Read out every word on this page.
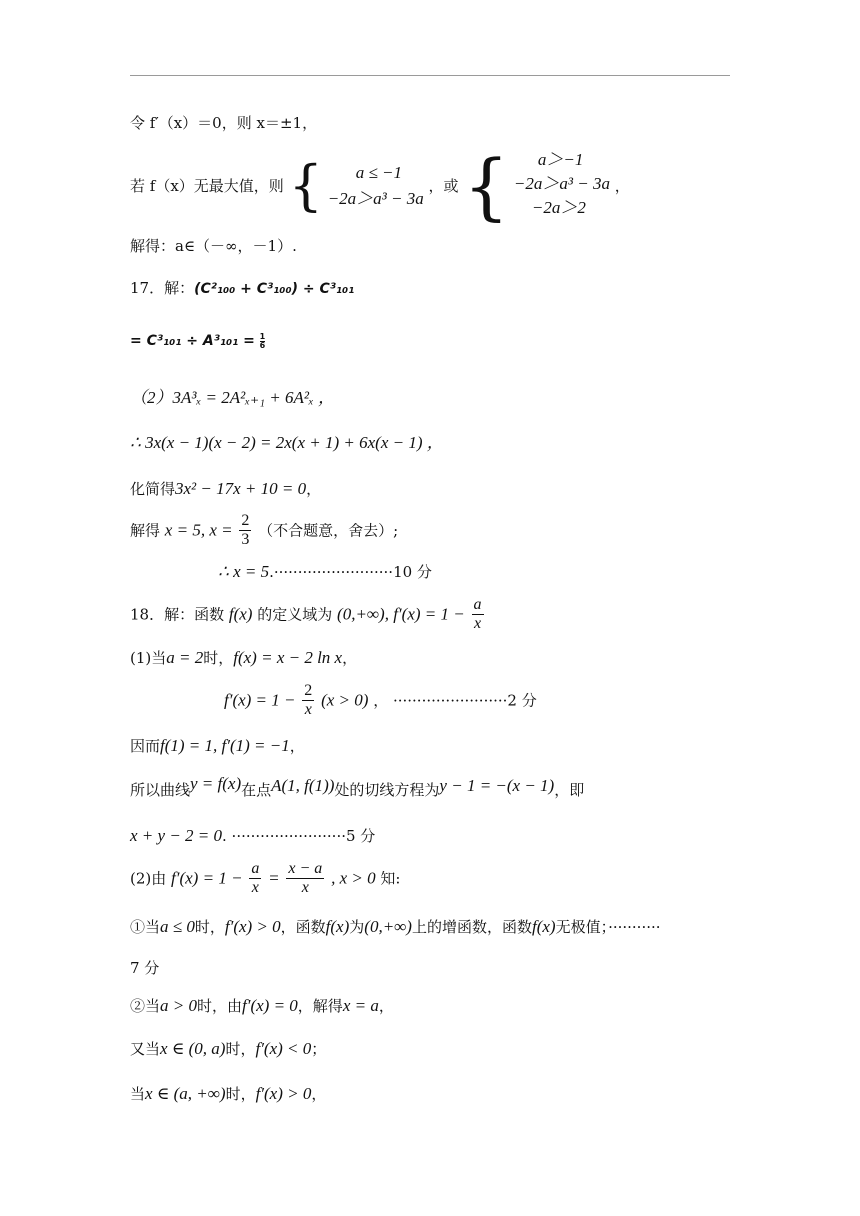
令 f′（x）＝0，则 x＝±1，
若 f（x）无最大值，则 {	a ≤ −1
−2a＞a³ − 3a
，或 {	a＞−1
−2a＞a³ − 3a
−2a＞2
，
解得：a∈（－∞，－1）.
17．解：(C²₁₀₀ + C³₁₀₀) ÷ C³₁₀₁
= $C^3_{101} \div A^3_{101} = \frac{1}{6}$
（2）3A³ₓ = 2A²ₓ₊₁ + 6A²ₓ ，
∴ 3x(x − 1)(x − 2) = 2x(x + 1) + 6x(x − 1) ，
化简得3x² − 17x + 10 = 0，
解得 x = 5, $x = \frac{2}{3}$ （不合题意，舍去）;
∴ x = 5.·························10 分
18．解：函数 f(x) 的定义域为 (0,+∞), $f'(x) = 1 - \frac{a}{x}$
(1)当a = 2时，f(x) = x − 2 ln x，
$f'(x) = 1 - \frac{2}{x} (x > 0)$ ， ························2 分
因而f(1) = 1, f′(1) = −1，
所以曲线y = f(x)在点A(1, f(1))处的切线方程为y − 1 = −(x − 1)，即
x + y − 2 = 0. ························5 分
(2)由 $f'(x) = 1 - \frac{a}{x} = \frac{x - a}{x}$ , x > 0 知:
①当a ≤ 0时，f′(x) > 0，函数f(x)为(0,+∞)上的增函数，函数f(x)无极值；···········
7 分
②当a > 0时，由f′(x) = 0，解得x = a，
又当x ∈ (0, a)时，f′(x) < 0；
当x ∈ (a, +∞)时，f′(x) > 0，
